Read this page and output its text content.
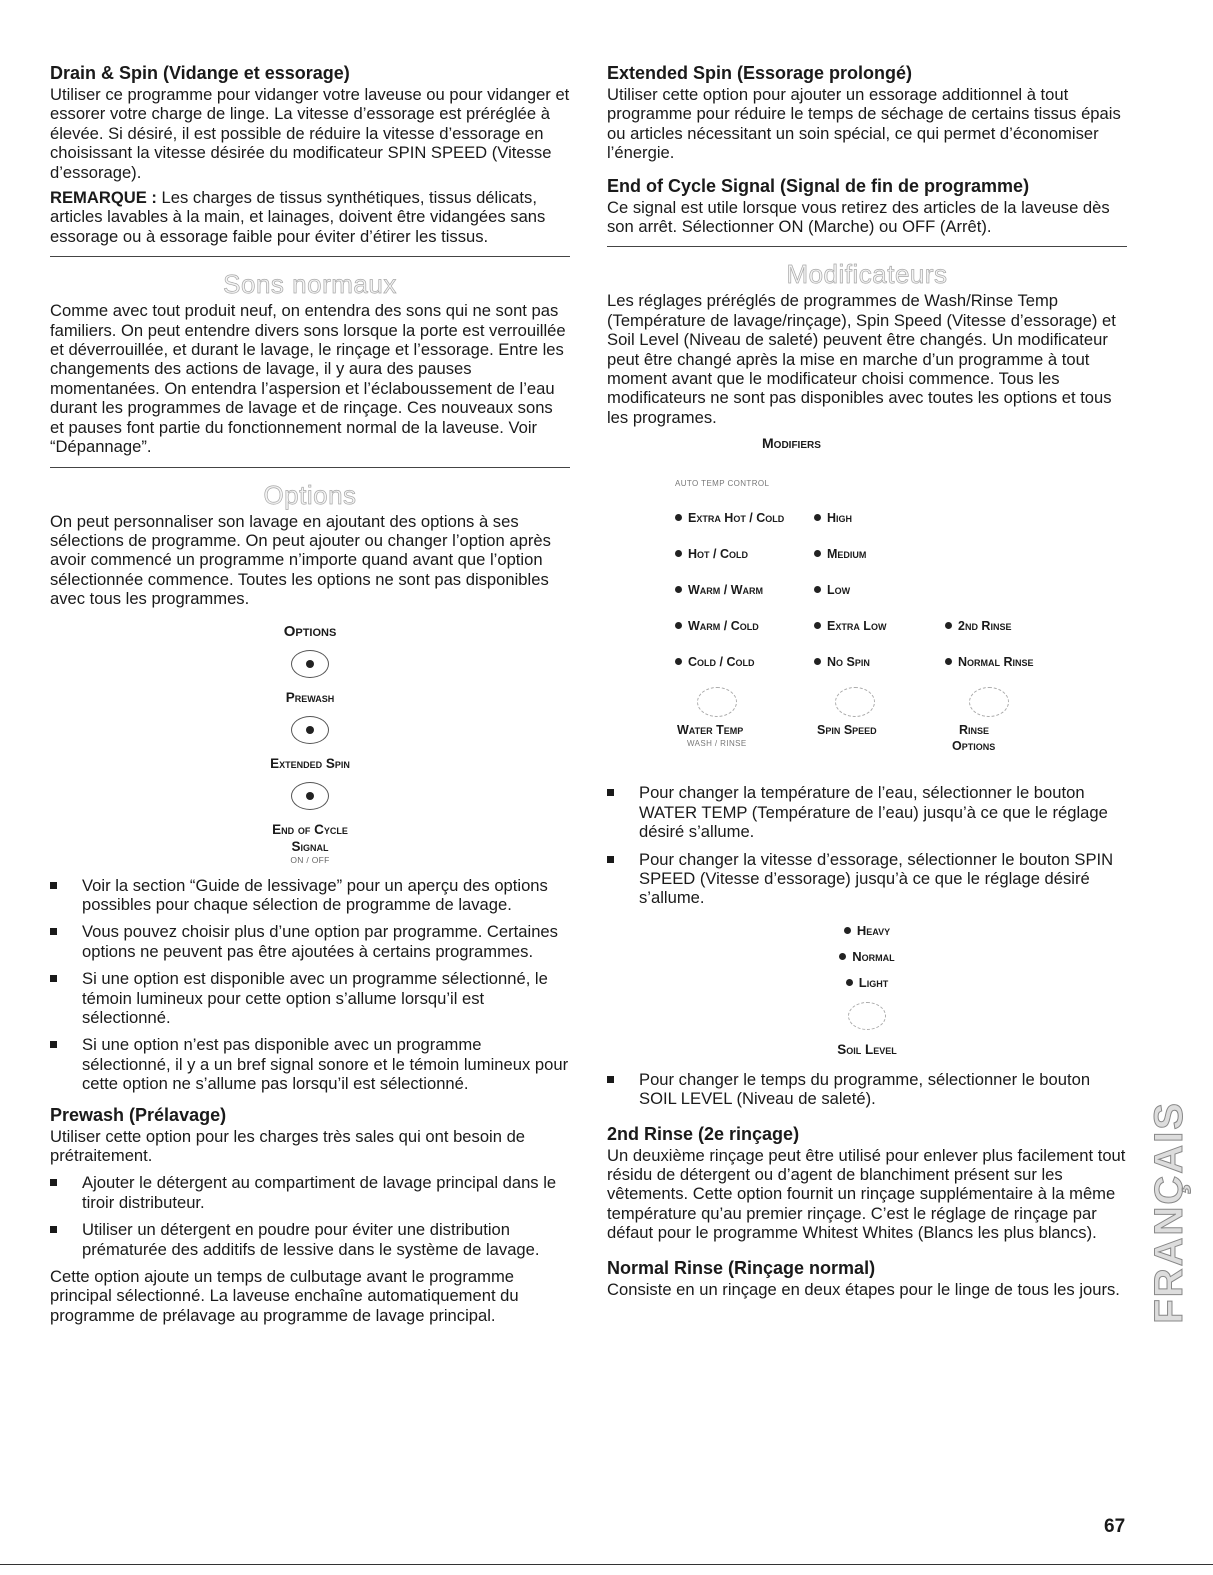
Drain & Spin (Vidange et essorage)

Utiliser ce programme pour vidanger votre laveuse ou pour vidanger et essorer votre charge de linge. La vitesse d’essorage est préréglée à élevée. Si désiré, il est possible de réduire la vitesse d’essorage en choisissant la vitesse désirée du modificateur SPIN SPEED (Vitesse d’essorage).

REMARQUE : Les charges de tissus synthétiques, tissus délicats, articles lavables à la main, et lainages, doivent être vidangées sans essorage ou à essorage faible pour éviter d’étirer les tissus.

Sons normaux

Comme avec tout produit neuf, on entendra des sons qui ne sont pas familiers. On peut entendre divers sons lorsque la porte est verrouillée et déverrouillée, et durant le lavage, le rinçage et l’essorage. Entre les changements des actions de lavage, il y aura des pauses momentanées. On entendra l’aspersion et l’éclaboussement de l’eau durant les programmes de lavage et de rinçage. Ces nouveaux sons et pauses font partie du fonctionnement normal de la laveuse. Voir “Dépannage”.

Options

On peut personnaliser son lavage en ajoutant des options à ses sélections de programme. On peut ajouter ou changer l’option après avoir commencé un programme n’importe quand avant que l’option sélectionnée commence. Toutes les options ne sont pas disponibles avec tous les programmes.

Options
Prewash
Extended Spin
End of Cycle
Signal
ON / OFF
Voir la section “Guide de lessivage” pour un aperçu des options possibles pour chaque sélection de programme de lavage.
Vous pouvez choisir plus d’une option par programme. Certaines options ne peuvent pas être ajoutées à certains programmes.
Si une option est disponible avec un programme sélectionné, le témoin lumineux pour cette option s’allume lorsqu’il est sélectionné.
Si une option n’est pas disponible avec un programme sélectionné, il y a un bref signal sonore et le témoin lumineux pour cette option ne s’allume pas lorsqu’il est sélectionné.
Prewash (Prélavage)

Utiliser cette option pour les charges très sales qui ont besoin de prétraitement.

Ajouter le détergent au compartiment de lavage principal dans le tiroir distributeur.
Utiliser un détergent en poudre pour éviter une distribution prématurée des additifs de lessive dans le système de lavage.

Cette option ajoute un temps de culbutage avant le programme principal sélectionné. La laveuse enchaîne automatiquement du programme de prélavage au programme de lavage principal.

Extended Spin (Essorage prolongé)

Utiliser cette option pour ajouter un essorage additionnel à tout programme pour réduire le temps de séchage de certains tissus épais ou articles nécessitant un soin spécial, ce qui permet d’économiser l’énergie.

End of Cycle Signal (Signal de fin de programme)

Ce signal est utile lorsque vous retirez des articles de la laveuse dès son arrêt. Sélectionner ON (Marche) ou OFF (Arrêt).

Modificateurs

Les réglages préréglés de programmes de Wash/Rinse Temp (Température de lavage/rinçage), Spin Speed (Vitesse d’essorage) et Soil Level (Niveau de saleté) peuvent être changés. Un modificateur peut être changé après la mise en marche d’un programme à tout moment avant que le modificateur choisi commence. Tous les modificateurs ne sont pas disponibles avec toutes les options et tous les programes.

Modifiers
AUTO TEMP CONTROL
Extra Hot / Cold
Hot / Cold
Warm / Warm
Warm / Cold
Cold / Cold
High
Medium
Low
Extra Low
No Spin
2nd Rinse
Normal Rinse
Water Temp
WASH / RINSE
Spin Speed	Rinse
Options
Pour changer la température de l’eau, sélectionner le bouton WATER TEMP (Température de l’eau) jusqu’à ce que le réglage désiré s’allume.
Pour changer la vitesse d’essorage, sélectionner le bouton SPIN SPEED (Vitesse d’essorage) jusqu’à ce que le réglage désiré s’allume.
Heavy
Normal
Light
Soil Level
Pour changer le temps du programme, sélectionner le bouton SOIL LEVEL (Niveau de saleté).
2nd Rinse (2e rinçage)

Un deuxième rinçage peut être utilisé pour enlever plus facilement tout résidu de détergent ou d’agent de blanchiment présent sur les vêtements. Cette option fournit un rinçage supplémentaire à la même température qu’au premier rinçage. C’est le réglage de rinçage par défaut pour le programme Whitest Whites (Blancs les plus blancs).

Normal Rinse (Rinçage normal)

Consiste en un rinçage en deux étapes pour le linge de tous les jours. FRANÇAIS
67
